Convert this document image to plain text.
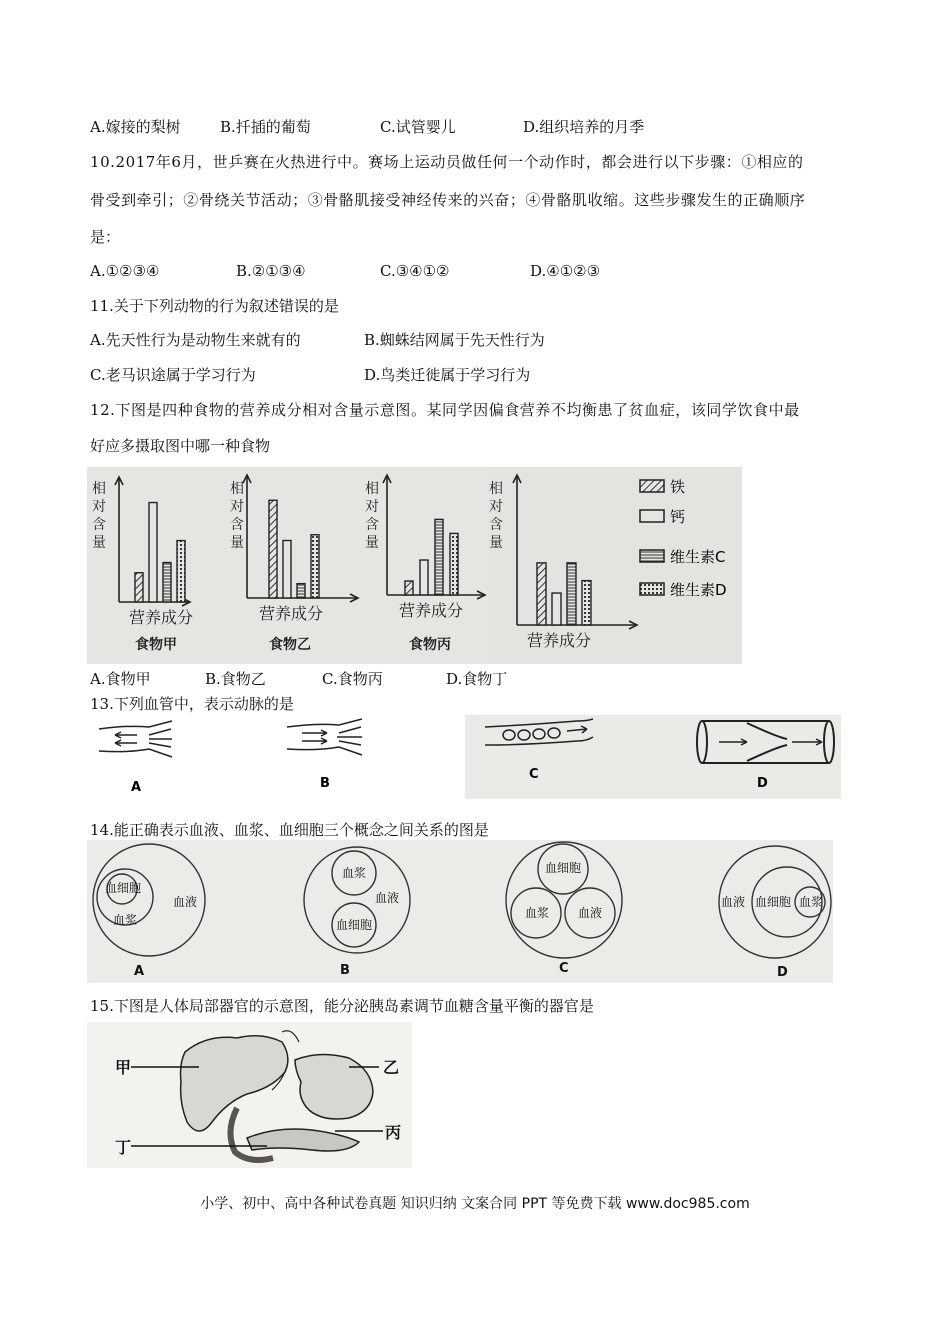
A.嫁接的梨树	B.扦插的葡萄	C.试管婴儿	D.组织培养的月季
10.2017年6月，世乒赛在火热进行中。赛场上运动员做任何一个动作时，都会进行以下步骤：①相应的
骨受到牵引；②骨绕关节活动；③骨骼肌接受神经传来的兴奋；④骨骼肌收缩。这些步骤发生的正确顺序
是：
A.①②③④	B.②①③④	C.③④①②	D.④①②③
11.关于下列动物的行为叙述错误的是
A.先天性行为是动物生来就有的	B.蜘蛛结网属于先天性行为
C.老马识途属于学习行为	D.鸟类迁徙属于学习行为
12.下图是四种食物的营养成分相对含量示意图。某同学因偏食营养不均衡患了贫血症，该同学饮食中最
好应多摄取图中哪一种食物
相对含量
营养成分
食物甲
相对含量
营养成分
食物乙
相对含量
营养成分
食物丙
相对含量
营养成分
铁
钙
维生素C
维生素D
A.食物甲	B.食物乙	C.食物丙	D.食物丁
13.下列血管中，表示动脉的是
A	B
C
D
14.能正确表示血液、血浆、血细胞三个概念之间关系的图是
血细胞
血浆
血液
血浆
血液
血细胞
血细胞
血浆 血液
血液 血细胞 血浆
A	B	C	D
15.下图是人体局部器官的示意图，能分泌胰岛素调节血糖含量平衡的器官是
甲	乙
丙
丁
小学、初中、高中各种试卷真题 知识归纳 文案合同 PPT 等免费下载 www.doc985.com
